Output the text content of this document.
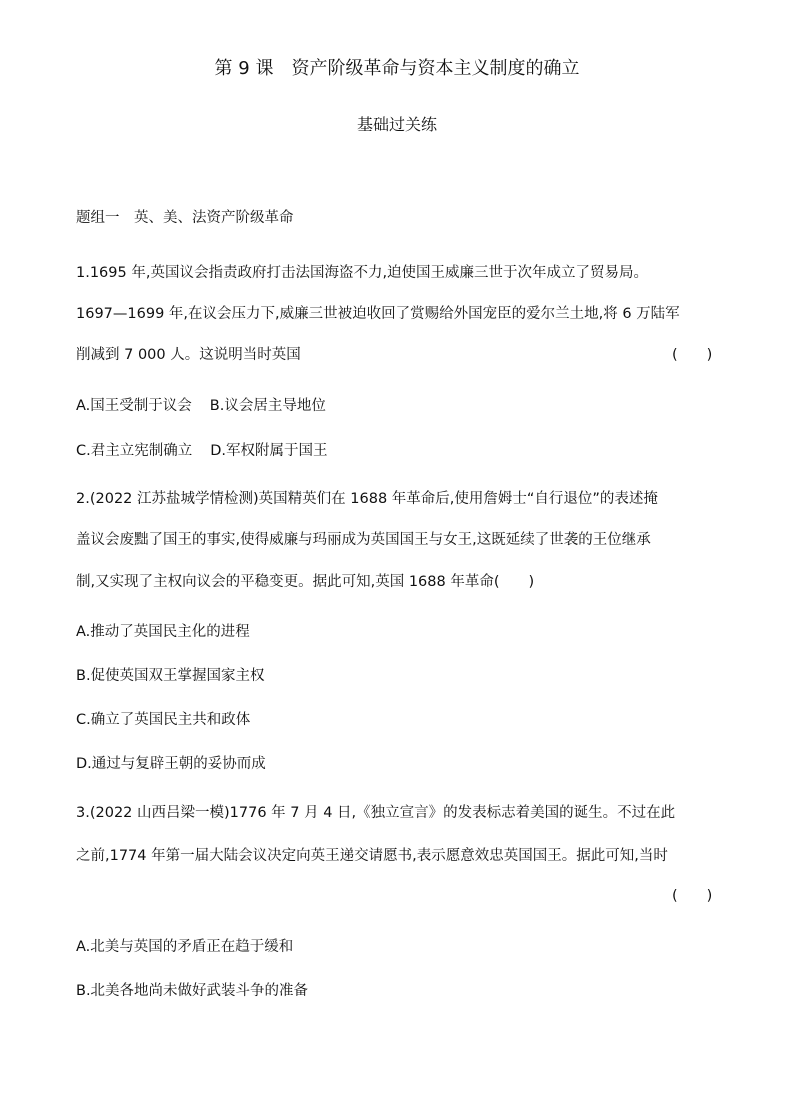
第 9 课　资产阶级革命与资本主义制度的确立
基础过关练
题组一　英、美、法资产阶级革命
1.1695 年,英国议会指责政府打击法国海盗不力,迫使国王威廉三世于次年成立了贸易局。
1697—1699 年,在议会压力下,威廉三世被迫收回了赏赐给外国宠臣的爱尔兰土地,将 6 万陆军
削减到 7 000 人。这说明当时英国	(　　)
A.国王受制于议会 B.议会居主导地位
C.君主立宪制确立 D.军权附属于国王
2.(2022 江苏盐城学情检测)英国精英们在 1688 年革命后,使用詹姆士“自行退位”的表述掩
盖议会废黜了国王的事实,使得威廉与玛丽成为英国国王与女王,这既延续了世袭的王位继承
制,又实现了主权向议会的平稳变更。据此可知,英国 1688 年革命(　　)
A.推动了英国民主化的进程
B.促使英国双王掌握国家主权
C.确立了英国民主共和政体
D.通过与复辟王朝的妥协而成
3.(2022 山西吕梁一模)1776 年 7 月 4 日,《独立宣言》的发表标志着美国的诞生。不过在此
之前,1774 年第一届大陆会议决定向英王递交请愿书,表示愿意效忠英国国王。据此可知,当时
(　　)
A.北美与英国的矛盾正在趋于缓和
B.北美各地尚未做好武装斗争的准备
